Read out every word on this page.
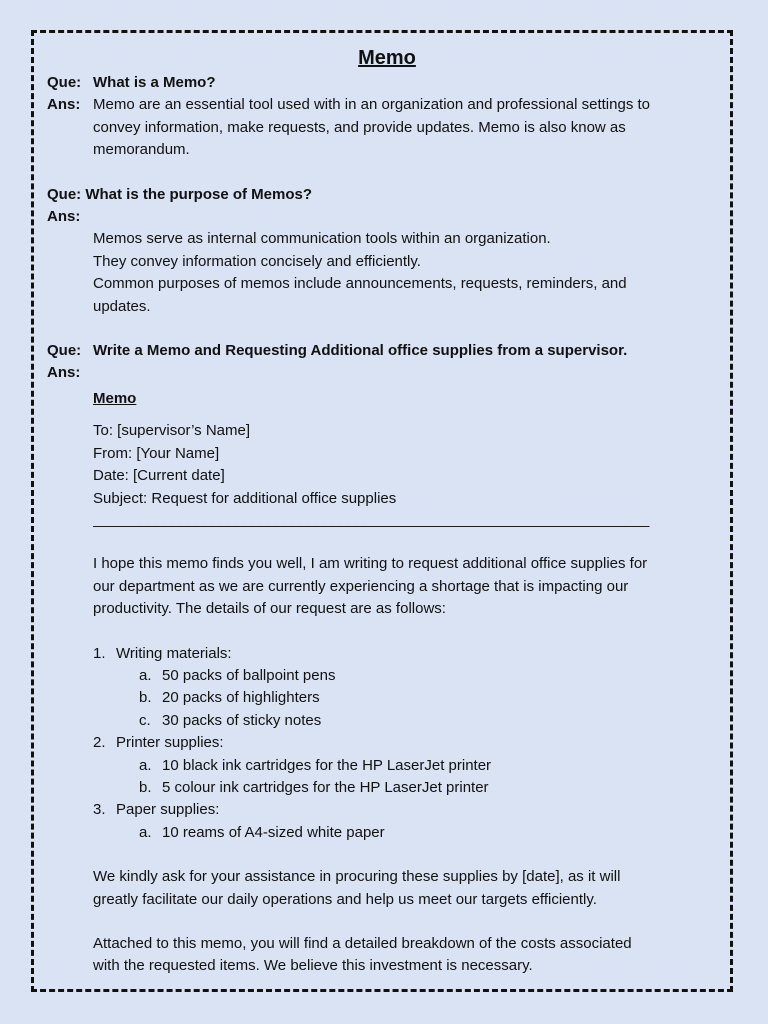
Memo
Que: What is a Memo?
Ans: Memo are an essential tool used with in an organization and professional settings to
convey information, make requests, and provide updates. Memo is also know as
memorandum.
Que:
What is the purpose of Memos?
Ans:
Memos serve as internal communication tools within an organization.
They convey information concisely and efficiently.
Common purposes of memos include announcements, requests, reminders, and
updates.
Que: Write a Memo and Requesting Additional office supplies from a supervisor.
Ans:
Memo
To: [supervisor’s Name]
From: [Your Name]
Date: [Current date]
Subject: Request for additional office supplies
______________________________________________________________________
I hope this memo finds you well, I am writing to request additional office supplies for
our department as we are currently experiencing a shortage that is impacting our
productivity. The details of our request are as follows:
1. Writing materials:
a. 50 packs of ballpoint pens
b. 20 packs of highlighters
c. 30 packs of sticky notes
2. Printer supplies:
a. 10 black ink cartridges for the HP LaserJet printer
b. 5 colour ink cartridges for the HP LaserJet printer
3. Paper supplies:
a. 10 reams of A4-sized white paper
We kindly ask for your assistance in procuring these supplies by [date], as it will
greatly facilitate our daily operations and help us meet our targets efficiently.
Attached to this memo, you will find a detailed breakdown of the costs associated
with the requested items. We believe this investment is necessary.
